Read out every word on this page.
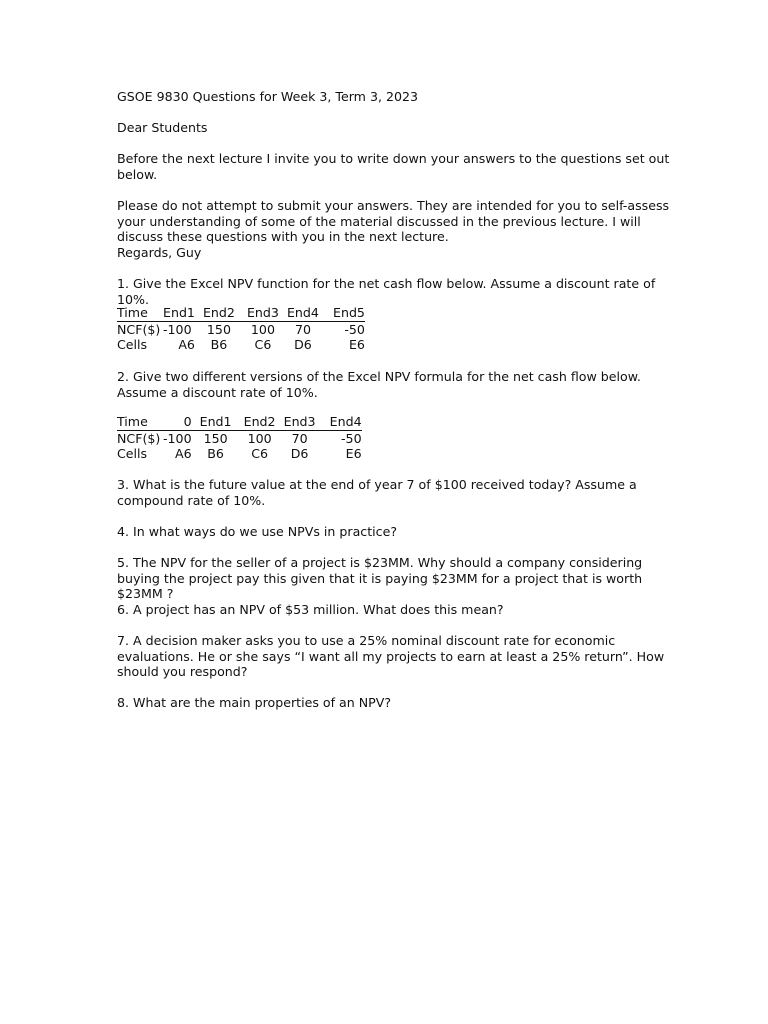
GSOE 9830 Questions for Week 3, Term 3, 2023

Dear Students

Before the next lecture I invite you to write down your answers to the questions set out below.

Please do not attempt to submit your answers. They are intended for you to self-assess your understanding of some of the material discussed in the previous lecture. I will discuss these questions with you in the next lecture.

Regards, Guy

1. Give the Excel NPV function for the net cash flow below. Assume a discount rate of 10%.

Time	End1	End2	End3	End4	End5
NCF($)	-100	150	100	70	-50
Cells	A6	B6	C6	D6	E6

2. Give two different versions of the Excel NPV formula for the net cash flow below. Assume a discount rate of 10%.

Time	0	End1	End2	End3	End4
NCF($)	-100	150	100	70	-50
Cells	A6	B6	C6	D6	E6

3. What is the future value at the end of year 7 of $100 received today? Assume a compound rate of 10%.

4. In what ways do we use NPVs in practice?

5. The NPV for the seller of a project is $23MM. Why should a company considering buying the project pay this given that it is paying $23MM for a project that is worth $23MM ?

6. A project has an NPV of $53 million. What does this mean?

7. A decision maker asks you to use a 25% nominal discount rate for economic evaluations. He or she says “I want all my projects to earn at least a 25% return”. How should you respond?

8. What are the main properties of an NPV?
